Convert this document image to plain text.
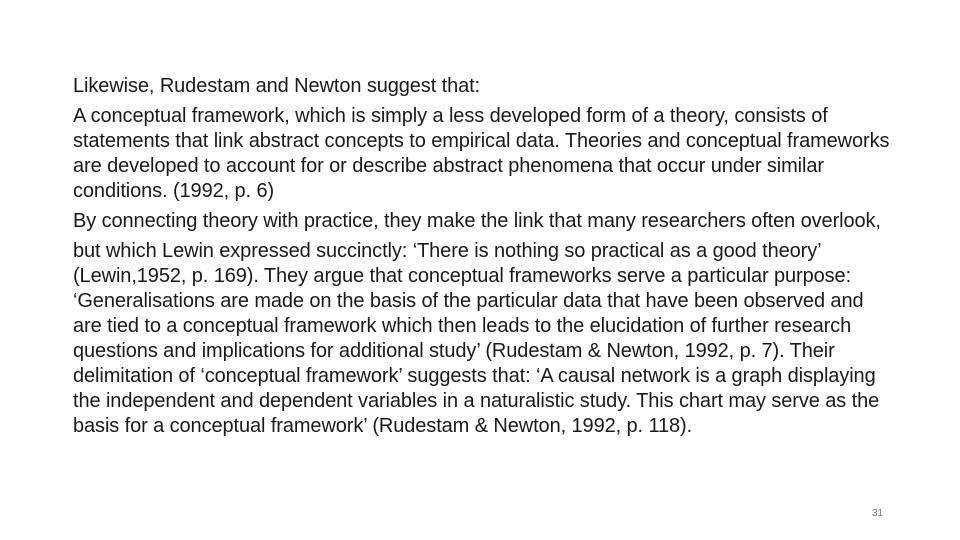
Likewise, Rudestam and Newton suggest that:

A conceptual framework, which is simply a less developed form of a theory, consists of statements that link abstract concepts to empirical data. Theories and conceptual frameworks are developed to account for or describe abstract phenomena that occur under similar conditions. (1992, p. 6)

By connecting theory with practice, they make the link that many researchers often overlook,

but which Lewin expressed succinctly: ‘There is nothing so practical as a good theory’ (Lewin,1952, p. 169). They argue that conceptual frameworks serve a particular purpose: ‘Generalisations are made on the basis of the particular data that have been observed and are tied to a conceptual framework which then leads to the elucidation of further research questions and implications for additional study’ (Rudestam & Newton, 1992, p. 7). Their delimitation of ‘conceptual framework’ suggests that: ‘A causal network is a graph displaying the independent and dependent variables in a naturalistic study. This chart may serve as the basis for a conceptual framework’ (Rudestam & Newton, 1992, p. 118).

31
